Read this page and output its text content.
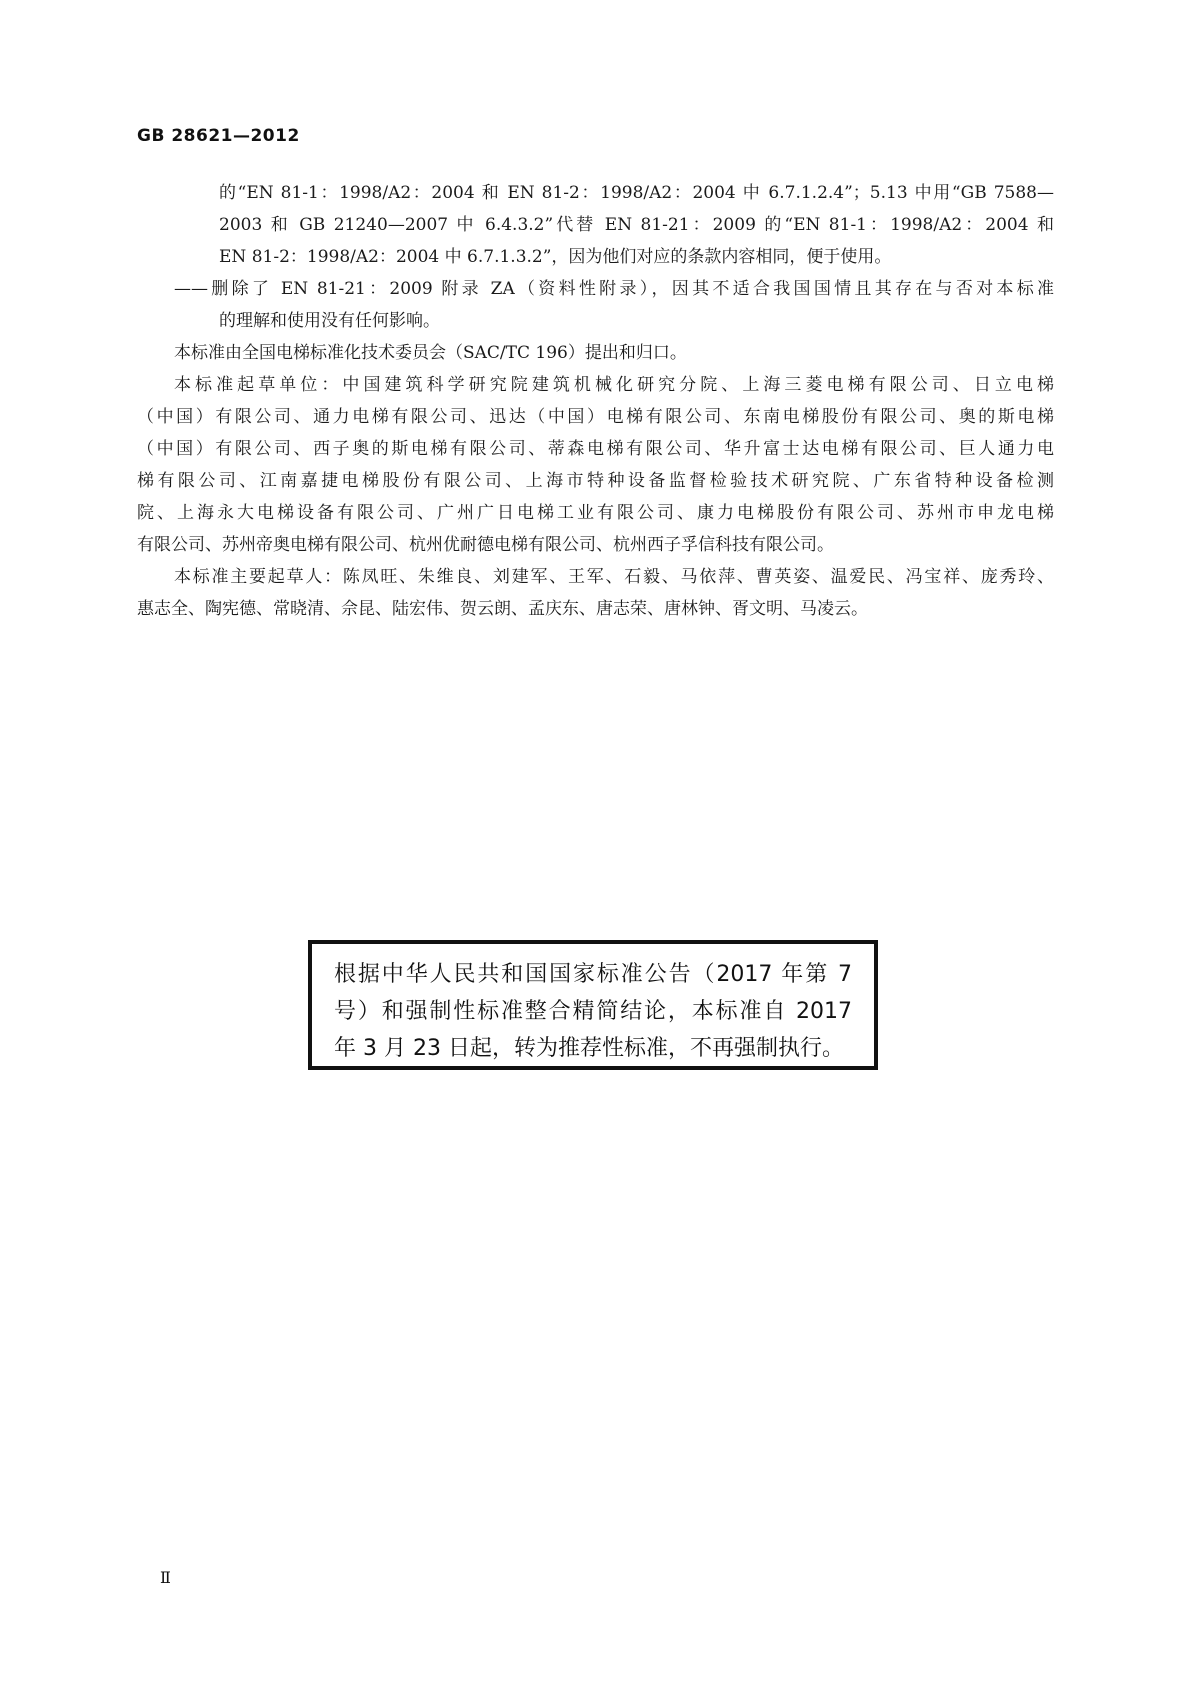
GB 28621—2012
的“EN 81-1：1998/A2：2004 和 EN 81-2：1998/A2：2004 中 6.7.1.2.4”；5.13 中用“GB 7588—
2003 和 GB 21240—2007 中 6.4.3.2”代替 EN 81-21：2009 的“EN 81-1：1998/A2：2004 和
EN 81-2：1998/A2：2004 中 6.7.1.3.2”，因为他们对应的条款内容相同，便于使用。
——删除了 EN 81-21：2009 附录 ZA（资料性附录），因其不适合我国国情且其存在与否对本标准
的理解和使用没有任何影响。
本标准由全国电梯标准化技术委员会（SAC/TC 196）提出和归口。
本标准起草单位：中国建筑科学研究院建筑机械化研究分院、上海三菱电梯有限公司、日立电梯
（中国）有限公司、通力电梯有限公司、迅达（中国）电梯有限公司、东南电梯股份有限公司、奥的斯电梯
（中国）有限公司、西子奥的斯电梯有限公司、蒂森电梯有限公司、华升富士达电梯有限公司、巨人通力电
梯有限公司、江南嘉捷电梯股份有限公司、上海市特种设备监督检验技术研究院、广东省特种设备检测
院、上海永大电梯设备有限公司、广州广日电梯工业有限公司、康力电梯股份有限公司、苏州市申龙电梯
有限公司、苏州帝奥电梯有限公司、杭州优耐德电梯有限公司、杭州西子孚信科技有限公司。
本标准主要起草人：陈凤旺、朱维良、刘建军、王军、石毅、马依萍、曹英姿、温爱民、冯宝祥、庞秀玲、
惠志全、陶宪德、常晓清、佘昆、陆宏伟、贺云朗、孟庆东、唐志荣、唐林钟、胥文明、马凌云。
根据中华人民共和国国家标准公告（2017 年第 7
号）和强制性标准整合精简结论，本标准自 2017
年 3 月 23 日起，转为推荐性标准，不再强制执行。
Ⅱ
